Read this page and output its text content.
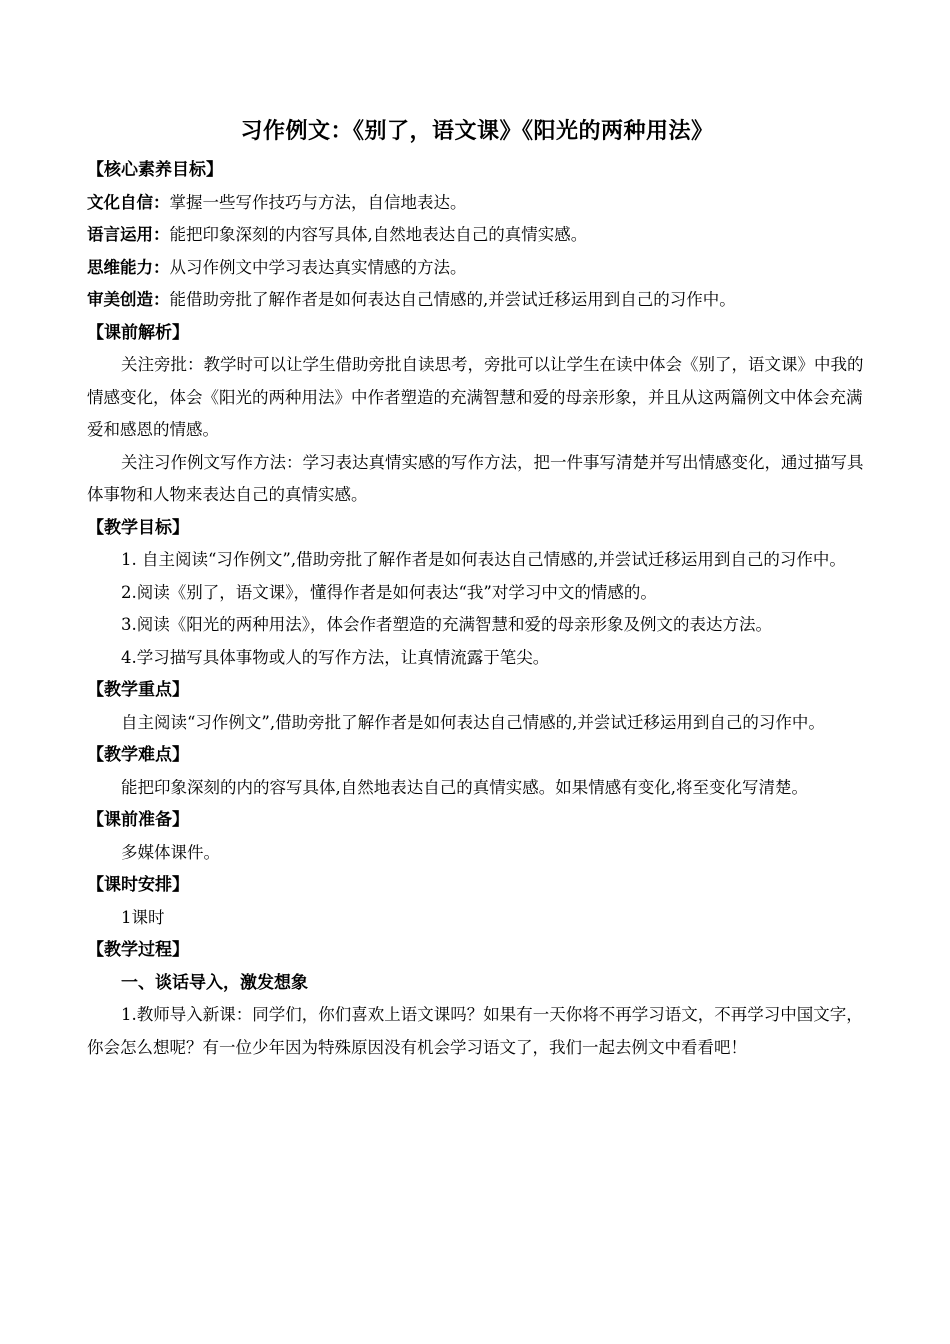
习作例文：《别了，语文课》《阳光的两种用法》
【核心素养目标】

文化自信：掌握一些写作技巧与方法，自信地表达。

语言运用：能把印象深刻的内容写具体,自然地表达自己的真情实感。

思维能力：从习作例文中学习表达真实情感的方法。

审美创造：能借助旁批了解作者是如何表达自己情感的,并尝试迁移运用到自己的习作中。

【课前解析】

关注旁批：教学时可以让学生借助旁批自读思考，旁批可以让学生在读中体会《别了，语文课》中我的情感变化，体会《阳光的两种用法》中作者塑造的充满智慧和爱的母亲形象，并且从这两篇例文中体会充满爱和感恩的情感。

关注习作例文写作方法：学习表达真情实感的写作方法，把一件事写清楚并写出情感变化，通过描写具体事物和人物来表达自己的真情实感。

【教学目标】

1. 自主阅读“习作例文”,借助旁批了解作者是如何表达自己情感的,并尝试迁移运用到自己的习作中。

2.阅读《别了，语文课》，懂得作者是如何表达“我”对学习中文的情感的。

3.阅读《阳光的两种用法》，体会作者塑造的充满智慧和爱的母亲形象及例文的表达方法。

4.学习描写具体事物或人的写作方法，让真情流露于笔尖。

【教学重点】

自主阅读“习作例文”,借助旁批了解作者是如何表达自己情感的,并尝试迁移运用到自己的习作中。

【教学难点】

能把印象深刻的内的容写具体,自然地表达自己的真情实感。如果情感有变化,将至变化写清楚。

【课前准备】

多媒体课件。

【课时安排】

1课时

【教学过程】
一、谈话导入，激发想象

1.教师导入新课：同学们，你们喜欢上语文课吗？如果有一天你将不再学习语文，不再学习中国文字，你会怎么想呢？有一位少年因为特殊原因没有机会学习语文了，我们一起去例文中看看吧！
